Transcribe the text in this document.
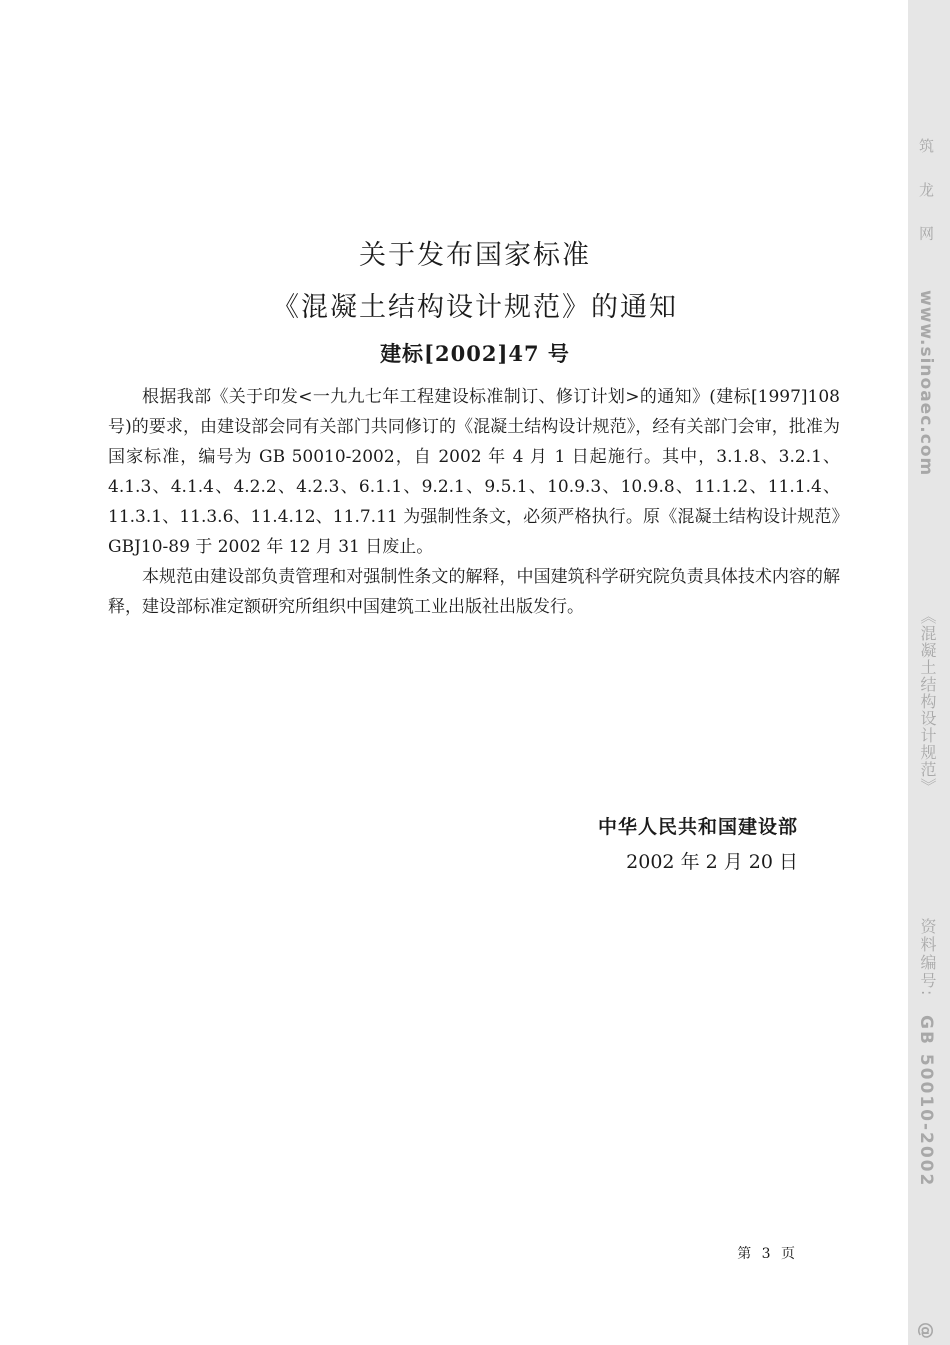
关于发布国家标准
《混凝土结构设计规范》的通知
建标[2002]47 号

根据我部《关于印发<一九九七年工程建设标准制订、修订计划>的通知》(建标[1997]108 号)的要求，由建设部会同有关部门共同修订的《混凝土结构设计规范》，经有关部门会审，批准为国家标准，编号为 GB 50010-2002，自 2002 年 4 月 1 日起施行。其中，3.1.8、3.2.1、4.1.3、4.1.4、4.2.2、4.2.3、6.1.1、9.2.1、9.5.1、10.9.3、10.9.8、11.1.2、11.1.4、11.3.1、11.3.6、11.4.12、11.7.11 为强制性条文，必须严格执行。原《混凝土结构设计规范》GBJ10-89 于 2002 年 12 月 31 日废止。

本规范由建设部负责管理和对强制性条文的解释，中国建筑科学研究院负责具体技术内容的解释，建设部标准定额研究所组织中国建筑工业出版社出版发行。

中华人民共和国建设部
2002 年 2 月 20 日
第 3 页
筑 龙 网
www.sinoaec.com
《混凝土结构设计规范》
资料编号:
GB 50010-2002
@
